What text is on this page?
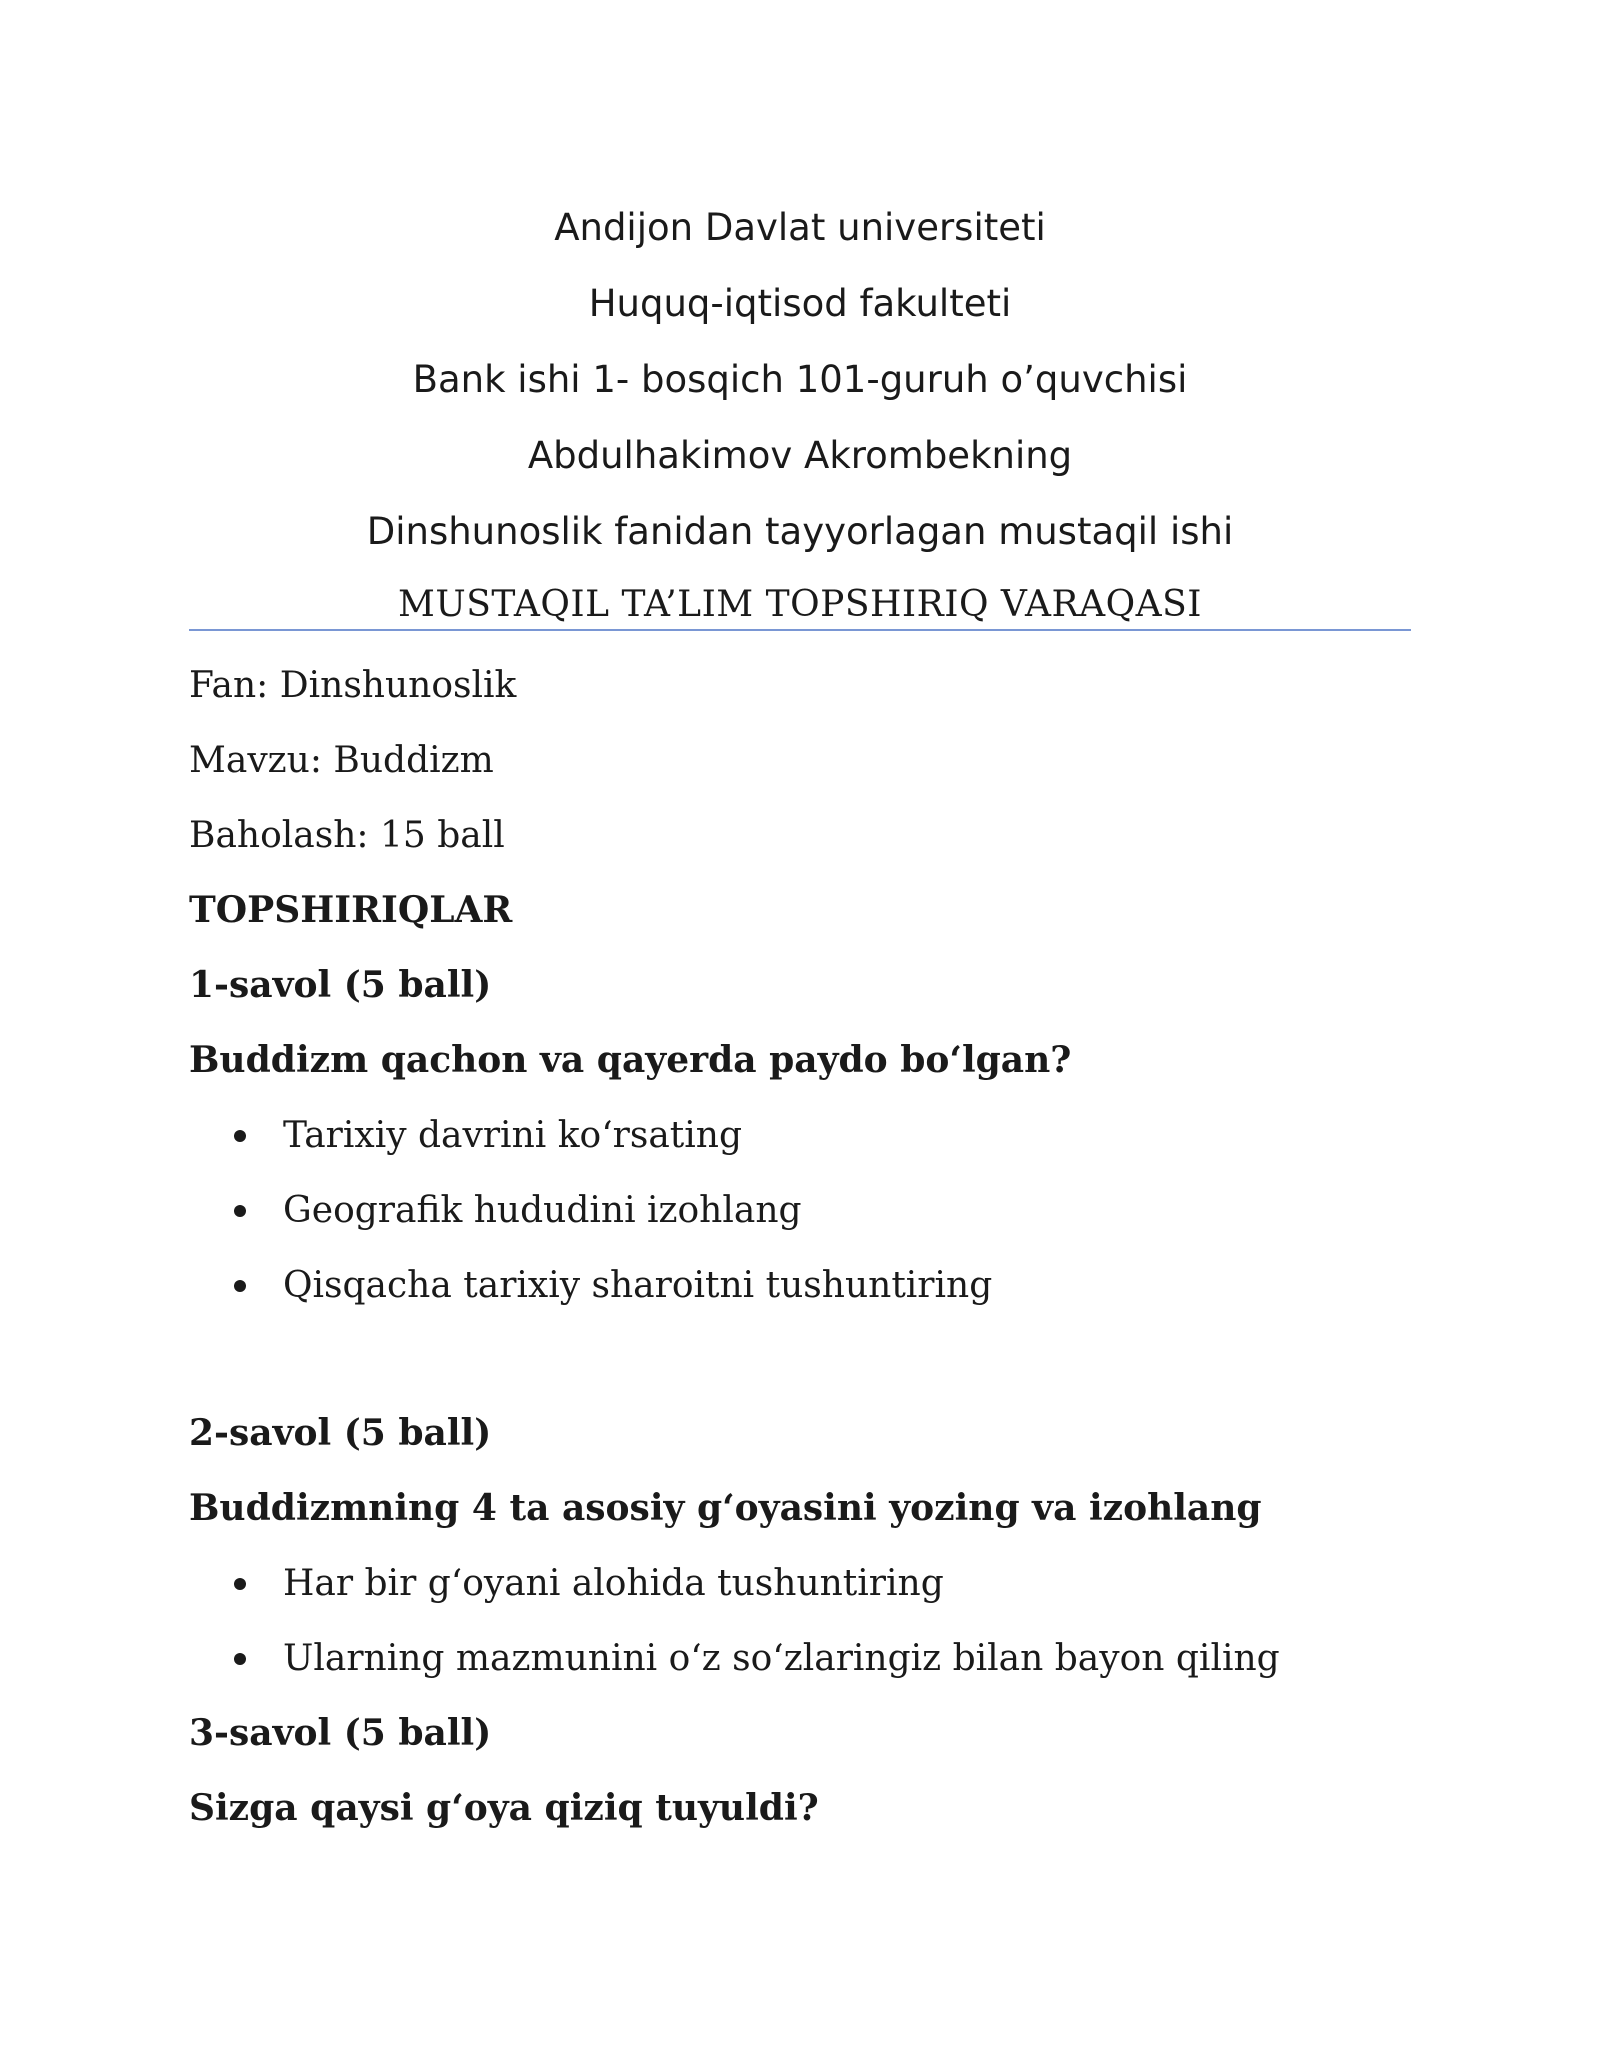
Andijon Davlat universiteti
Huquq-iqtisod fakulteti
Bank ishi 1- bosqich 101-guruh o’quvchisi
Abdulhakimov Akrombekning
Dinshunoslik fanidan tayyorlagan mustaqil ishi
MUSTAQIL TA’LIM TOPSHIRIQ VARAQASI
Fan: Dinshunoslik
Mavzu: Buddizm
Baholash: 15 ball
TOPSHIRIQLAR
1-savol (5 ball)
Buddizm qachon va qayerda paydo bo‘lgan?
Tarixiy davrini ko‘rsating
Geografik hududini izohlang
Qisqacha tarixiy sharoitni tushuntiring
2-savol (5 ball)
Buddizmning 4 ta asosiy g‘oyasini yozing va izohlang
Har bir g‘oyani alohida tushuntiring
Ularning mazmunini o‘z so‘zlaringiz bilan bayon qiling
3-savol (5 ball)
Sizga qaysi g‘oya qiziq tuyuldi?
